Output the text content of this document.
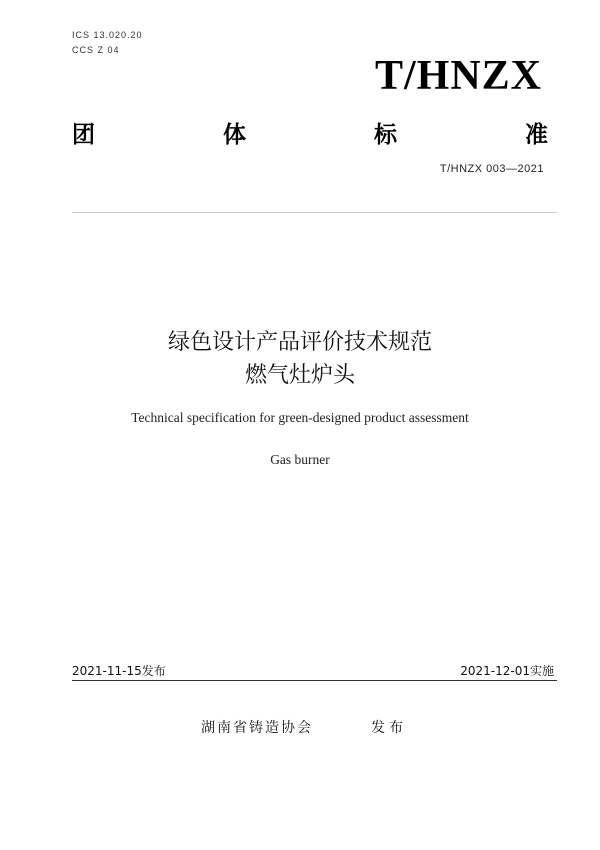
ICS 13.020.20
CCS Z 04
T/HNZX
团	体	标	准
T/HNZX 003—2021
绿色设计产品评价技术规范
燃气灶炉头
Technical specification for green-designed product assessment
Gas burner
2021-11-15发布	2021-12-01实施
湖南省铸造协会	发布
